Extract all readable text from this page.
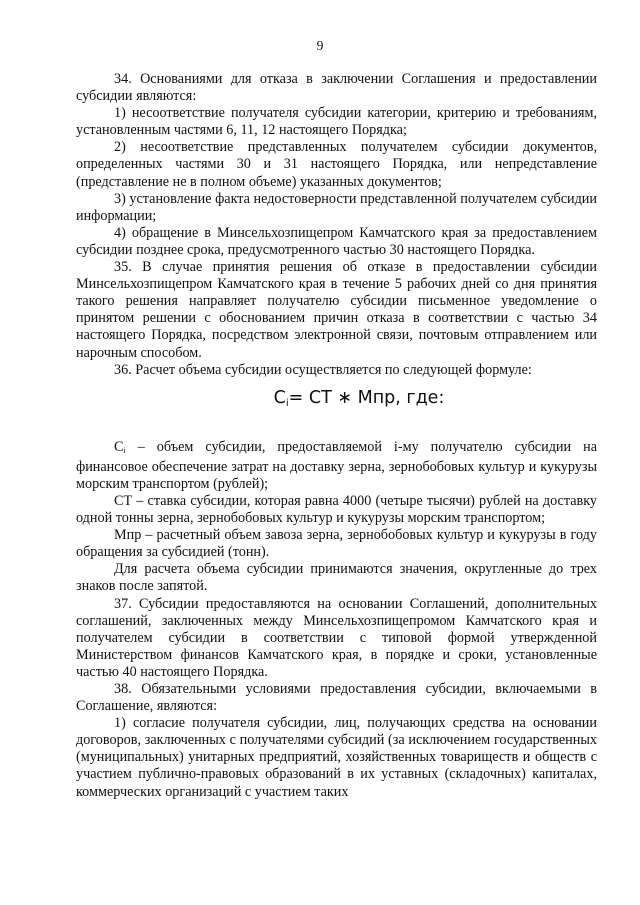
9

34. Основаниями для отказа в заключении Соглашения и предоставлении субсидии являются:

1) несоответствие получателя субсидии категории, критерию и требованиям, установленным частями 6, 11, 12 настоящего Порядка;

2) несоответствие представленных получателем субсидии документов, определенных частями 30 и 31 настоящего Порядка, или непредставление (представление не в полном объеме) указанных документов;

3) установление факта недостоверности представленной получателем субсидии информации;

4) обращение в Минсельхозпищепром Камчатского края за предоставлением субсидии позднее срока, предусмотренного частью 30 настоящего Порядка.

35. В случае принятия решения об отказе в предоставлении субсидии Минсельхозпищепром Камчатского края в течение 5 рабочих дней со дня принятия такого решения направляет получателю субсидии письменное уведомление о принятом решении с обоснованием причин отказа в соответствии с частью 34 настоящего Порядка, посредством электронной связи, почтовым отправлением или нарочным способом.

36. Расчет объема субсидии осуществляется по следующей формуле:

$С_i=$ СТ ∗ Мпр, где:

$С_i$ – объем субсидии, предоставляемой i-му получателю субсидии на финансовое обеспечение затрат на доставку зерна, зернобобовых культур и кукурузы морским транспортом (рублей);

СТ – ставка субсидии, которая равна 4000 (четыре тысячи) рублей на доставку одной тонны зерна, зернобобовых культур и кукурузы морским транспортом;

Мпр – расчетный объем завоза зерна, зернобобовых культур и кукурузы в году обращения за субсидией (тонн).

Для расчета объема субсидии принимаются значения, округленные до трех знаков после запятой.

37. Субсидии предоставляются на основании Соглашений, дополнительных соглашений, заключенных между Минсельхозпищепромом Камчатского края и получателем субсидии в соответствии с типовой формой утвержденной Министерством финансов Камчатского края, в порядке и сроки, установленные частью 40 настоящего Порядка.

38. Обязательными условиями предоставления субсидии, включаемыми в Соглашение, являются:

1) согласие получателя субсидии, лиц, получающих средства на основании договоров, заключенных с получателями субсидий (за исключением государственных (муниципальных) унитарных предприятий, хозяйственных товариществ и обществ с участием публично-правовых образований в их уставных (складочных) капиталах, коммерческих организаций с участием таких
